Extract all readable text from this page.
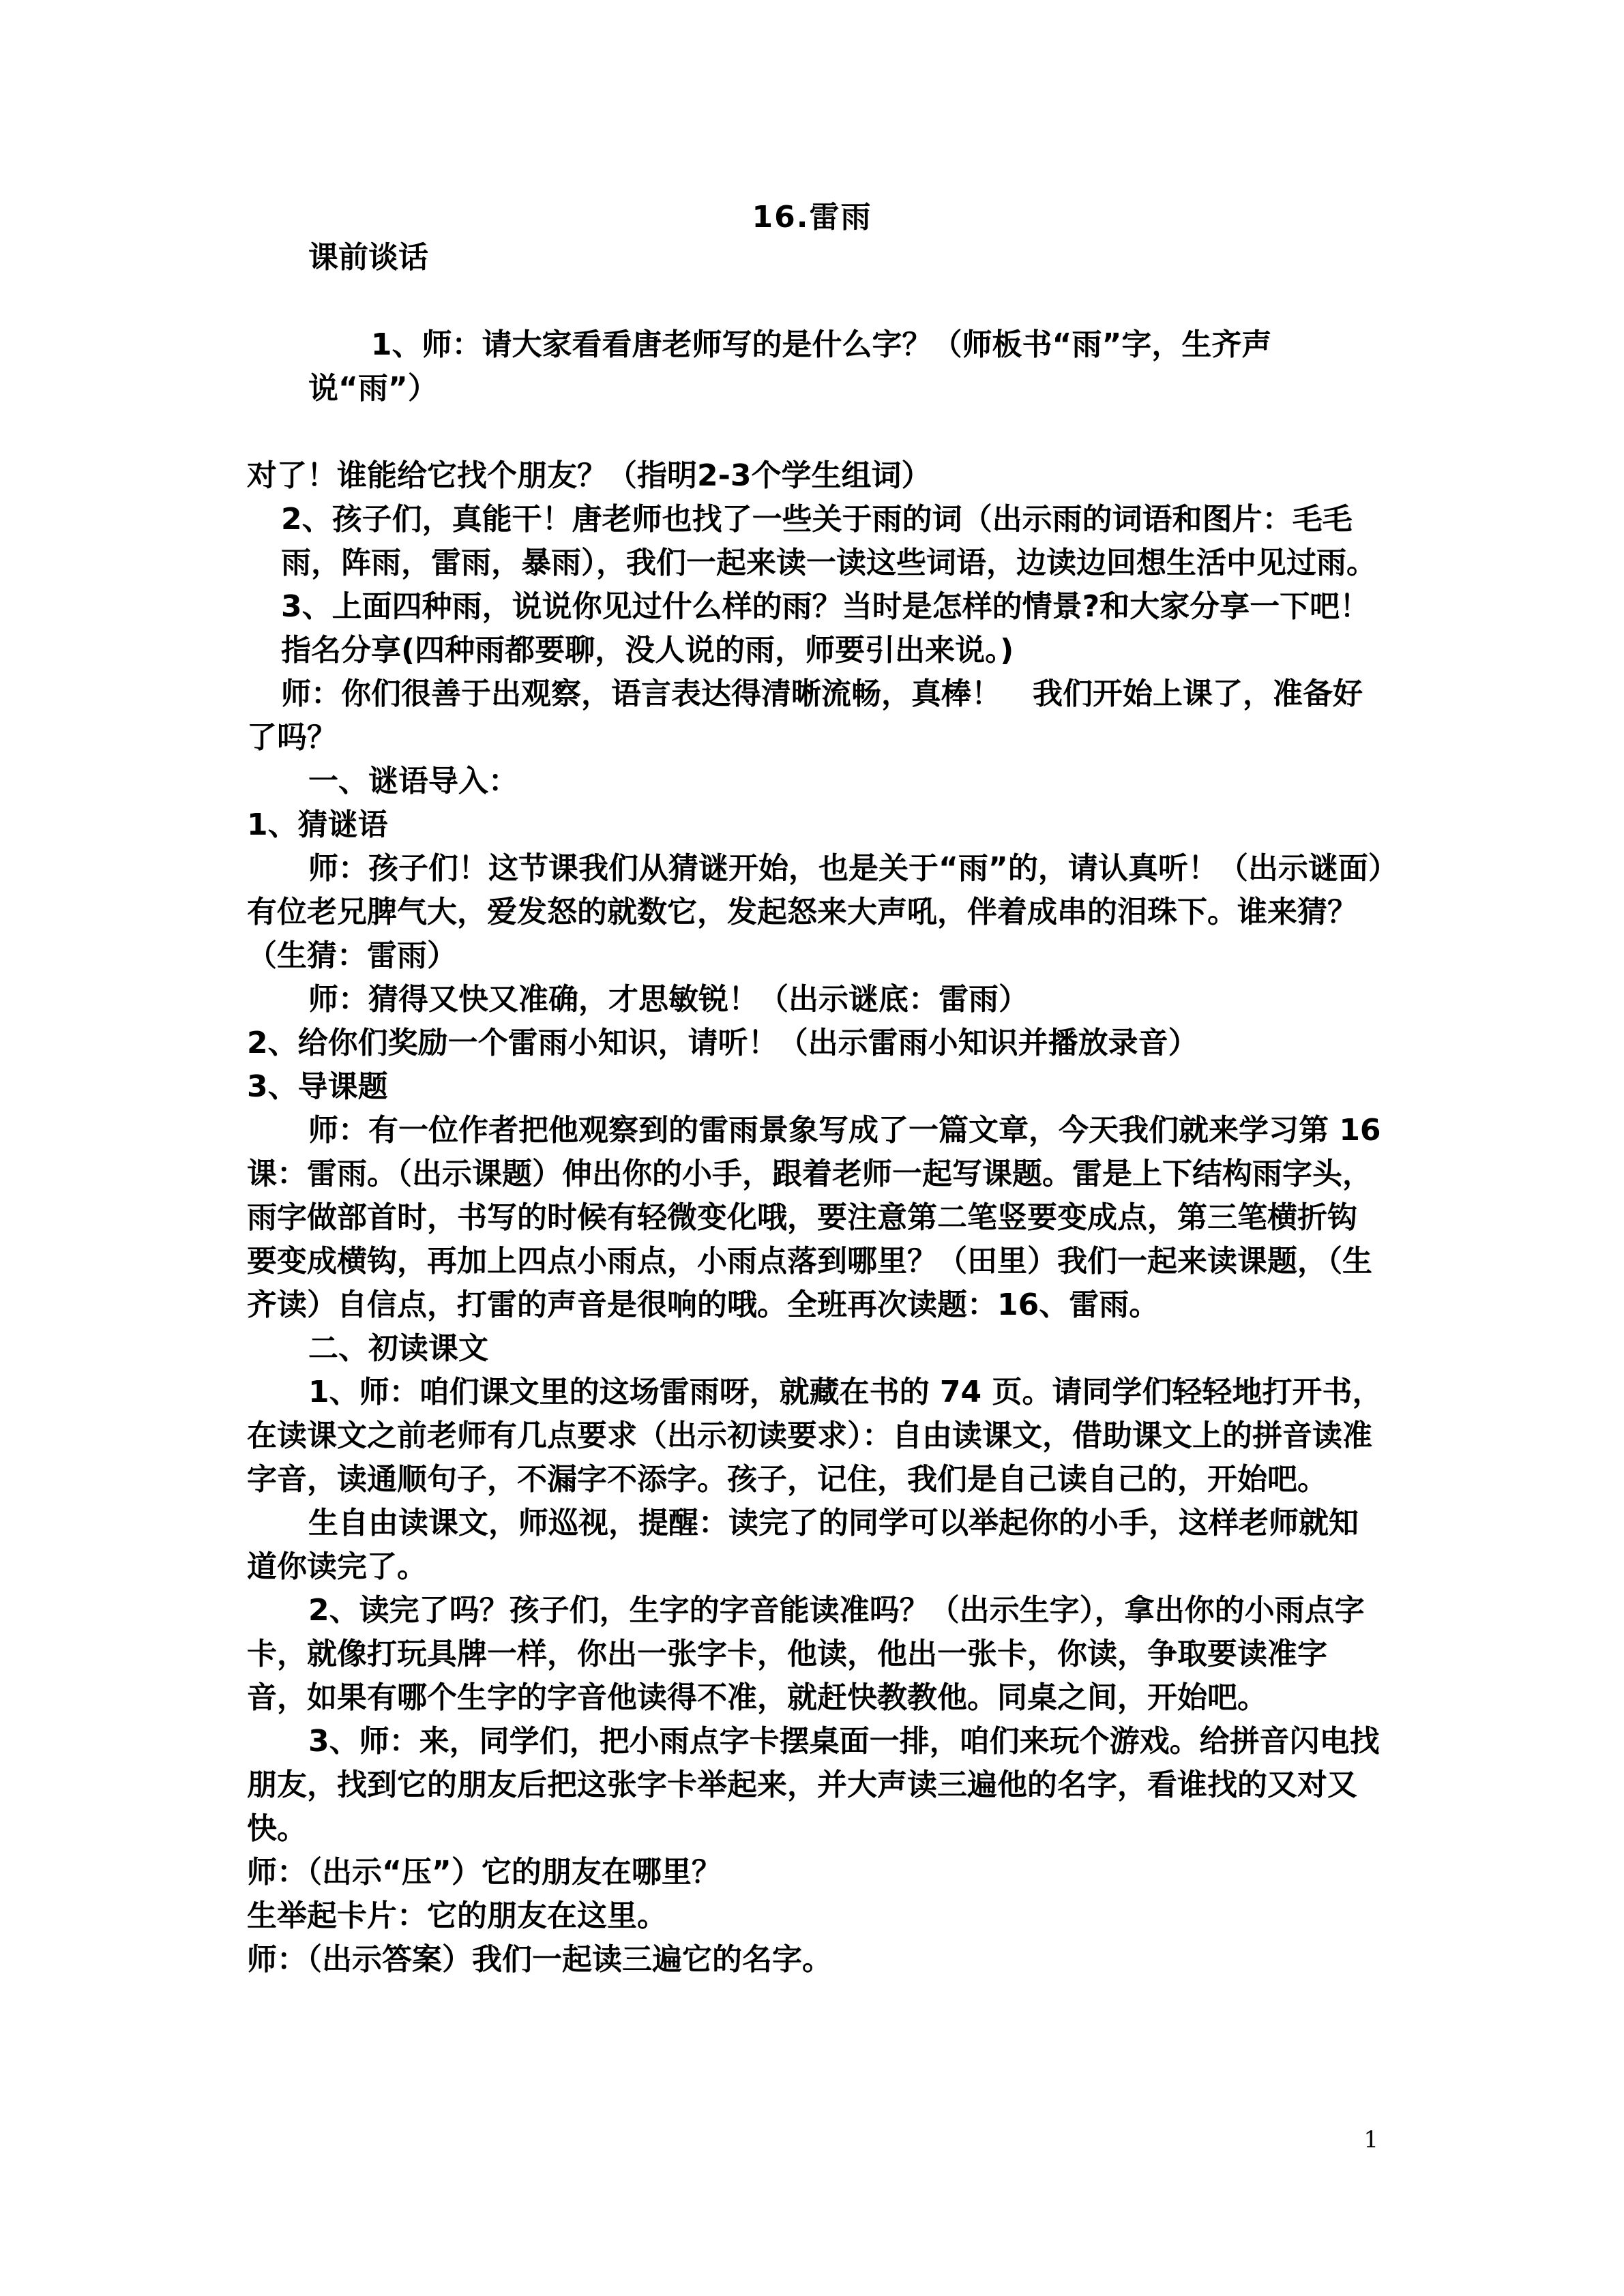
16.雷雨

课前谈话

1、师：请大家看看唐老师写的是什么字？（师板书“雨”字，生齐声说“雨”）

对了！谁能给它找个朋友？（指明2-3个学生组词）

2、孩子们，真能干！唐老师也找了一些关于雨的词（出示雨的词语和图片：毛毛雨，阵雨，雷雨，暴雨），我们一起来读一读这些词语，边读边回想生活中见过雨。

3、上面四种雨，说说你见过什么样的雨？当时是怎样的情景?和大家分享一下吧！

指名分享(四种雨都要聊，没人说的雨，师要引出来说。)

师：你们很善于出观察，语言表达得清晰流畅，真棒！   我们开始上课了，准备好了吗？

一、谜语导入：

1、猜谜语

师：孩子们！这节课我们从猜谜开始，也是关于“雨”的，请认真听！（出示谜面）有位老兄脾气大，爱发怒的就数它，发起怒来大声吼，伴着成串的泪珠下。谁来猜？（生猜：雷雨）

师：猜得又快又准确，才思敏锐！（出示谜底：雷雨）

2、给你们奖励一个雷雨小知识，请听！（出示雷雨小知识并播放录音）

3、导课题

师：有一位作者把他观察到的雷雨景象写成了一篇文章，今天我们就来学习第 16 课：雷雨。（出示课题）伸出你的小手，跟着老师一起写课题。雷是上下结构雨字头，雨字做部首时，书写的时候有轻微变化哦，要注意第二笔竖要变成点，第三笔横折钩要变成横钩，再加上四点小雨点，小雨点落到哪里？（田里）我们一起来读课题，（生齐读）自信点，打雷的声音是很响的哦。全班再次读题：16、雷雨。

二、初读课文

1、师：咱们课文里的这场雷雨呀，就藏在书的 74 页。请同学们轻轻地打开书，在读课文之前老师有几点要求（出示初读要求）：自由读课文，借助课文上的拼音读准字音，读通顺句子，不漏字不添字。孩子，记住，我们是自己读自己的，开始吧。

生自由读课文，师巡视，提醒：读完了的同学可以举起你的小手，这样老师就知道你读完了。

2、读完了吗？孩子们，生字的字音能读准吗？（出示生字），拿出你的小雨点字卡，就像打玩具牌一样，你出一张字卡，他读，他出一张卡，你读，争取要读准字音，如果有哪个生字的字音他读得不准，就赶快教教他。同桌之间，开始吧。

3、师：来，同学们，把小雨点字卡摆桌面一排，咱们来玩个游戏。给拼音闪电找朋友，找到它的朋友后把这张字卡举起来，并大声读三遍他的名字，看谁找的又对又快。

师：（出示“压”）它的朋友在哪里？

生举起卡片：它的朋友在这里。

师：（出示答案）我们一起读三遍它的名字。

1
